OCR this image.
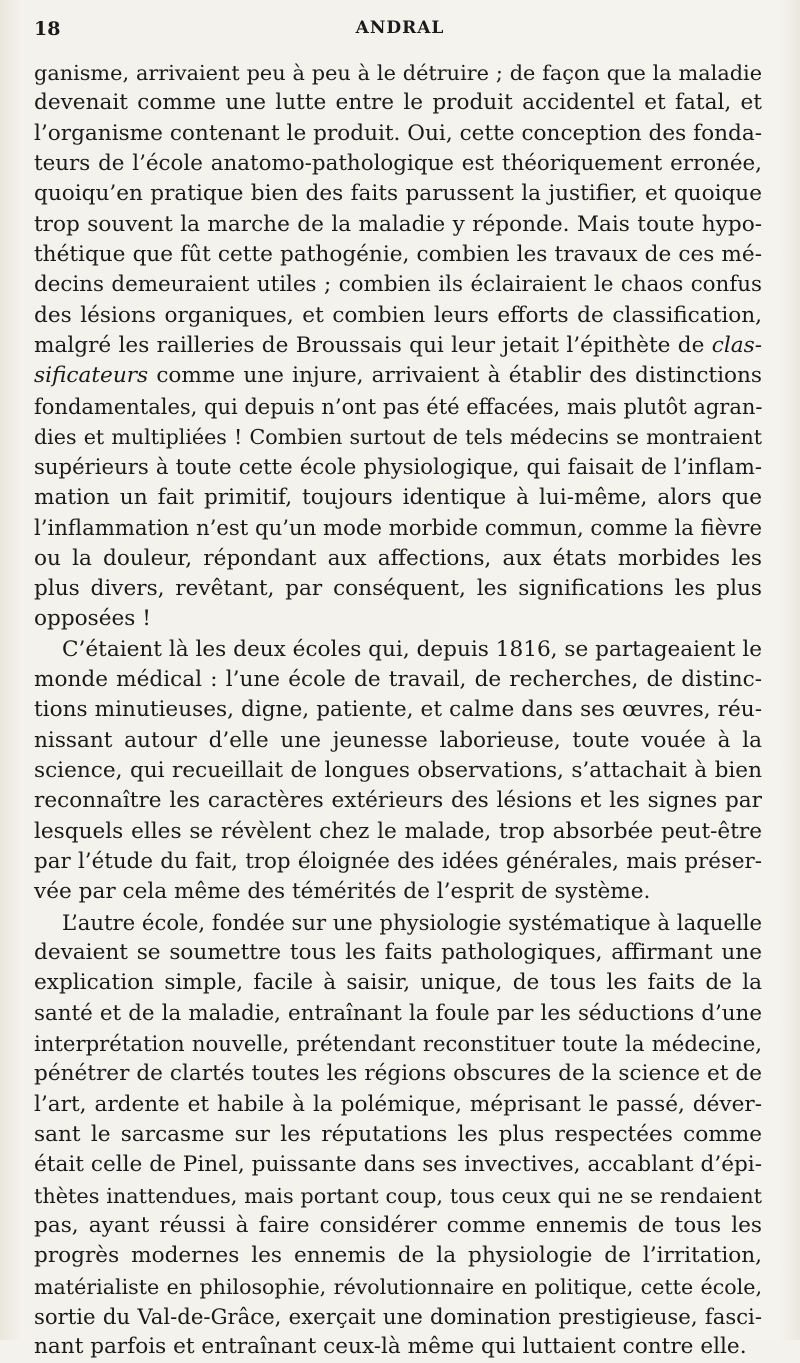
18	ANDRAL

ganisme, arrivaient peu à peu à le détruire ; de façon que la maladie
devenait comme une lutte entre le produit accidentel et fatal, et
l’organisme contenant le produit. Oui, cette conception des fonda-
teurs de l’école anatomo-pathologique est théoriquement erronée,
quoiqu’en pratique bien des faits parussent la justifier, et quoique
trop souvent la marche de la maladie y réponde. Mais toute hypo-
thétique que fût cette pathogénie, combien les travaux de ces mé-
decins demeuraient utiles ; combien ils éclairaient le chaos confus
des lésions organiques, et combien leurs efforts de classification,
malgré les railleries de Broussais qui leur jetait l’épithète de clas-
sificateurs comme une injure, arrivaient à établir des distinctions
fondamentales, qui depuis n’ont pas été effacées, mais plutôt agran-
dies et multipliées ! Combien surtout de tels médecins se montraient
supérieurs à toute cette école physiologique, qui faisait de l’inflam-
mation un fait primitif, toujours identique à lui-même, alors que
l’inflammation n’est qu’un mode morbide commun, comme la fièvre
ou la douleur, répondant aux affections, aux états morbides les
plus divers, revêtant, par conséquent, les significations les plus
opposées !

C’étaient là les deux écoles qui, depuis 1816, se partageaient le
monde médical : l’une école de travail, de recherches, de distinc-
tions minutieuses, digne, patiente, et calme dans ses œuvres, réu-
nissant autour d’elle une jeunesse laborieuse, toute vouée à la
science, qui recueillait de longues observations, s’attachait à bien
reconnaître les caractères extérieurs des lésions et les signes par
lesquels elles se révèlent chez le malade, trop absorbée peut-être
par l’étude du fait, trop éloignée des idées générales, mais préser-
vée par cela même des témérités de l’esprit de système.

L’autre école, fondée sur une physiologie systématique à laquelle
devaient se soumettre tous les faits pathologiques, affirmant une
explication simple, facile à saisir, unique, de tous les faits de la
santé et de la maladie, entraînant la foule par les séductions d’une
interprétation nouvelle, prétendant reconstituer toute la médecine,
pénétrer de clartés toutes les régions obscures de la science et de
l’art, ardente et habile à la polémique, méprisant le passé, déver-
sant le sarcasme sur les réputations les plus respectées comme
était celle de Pinel, puissante dans ses invectives, accablant d’épi-
thètes inattendues, mais portant coup, tous ceux qui ne se rendaient
pas, ayant réussi à faire considérer comme ennemis de tous les
progrès modernes les ennemis de la physiologie de l’irritation,
matérialiste en philosophie, révolutionnaire en politique, cette école,
sortie du Val-de-Grâce, exerçait une domination prestigieuse, fasci-
nant parfois et entraînant ceux-là même qui luttaient contre elle.
